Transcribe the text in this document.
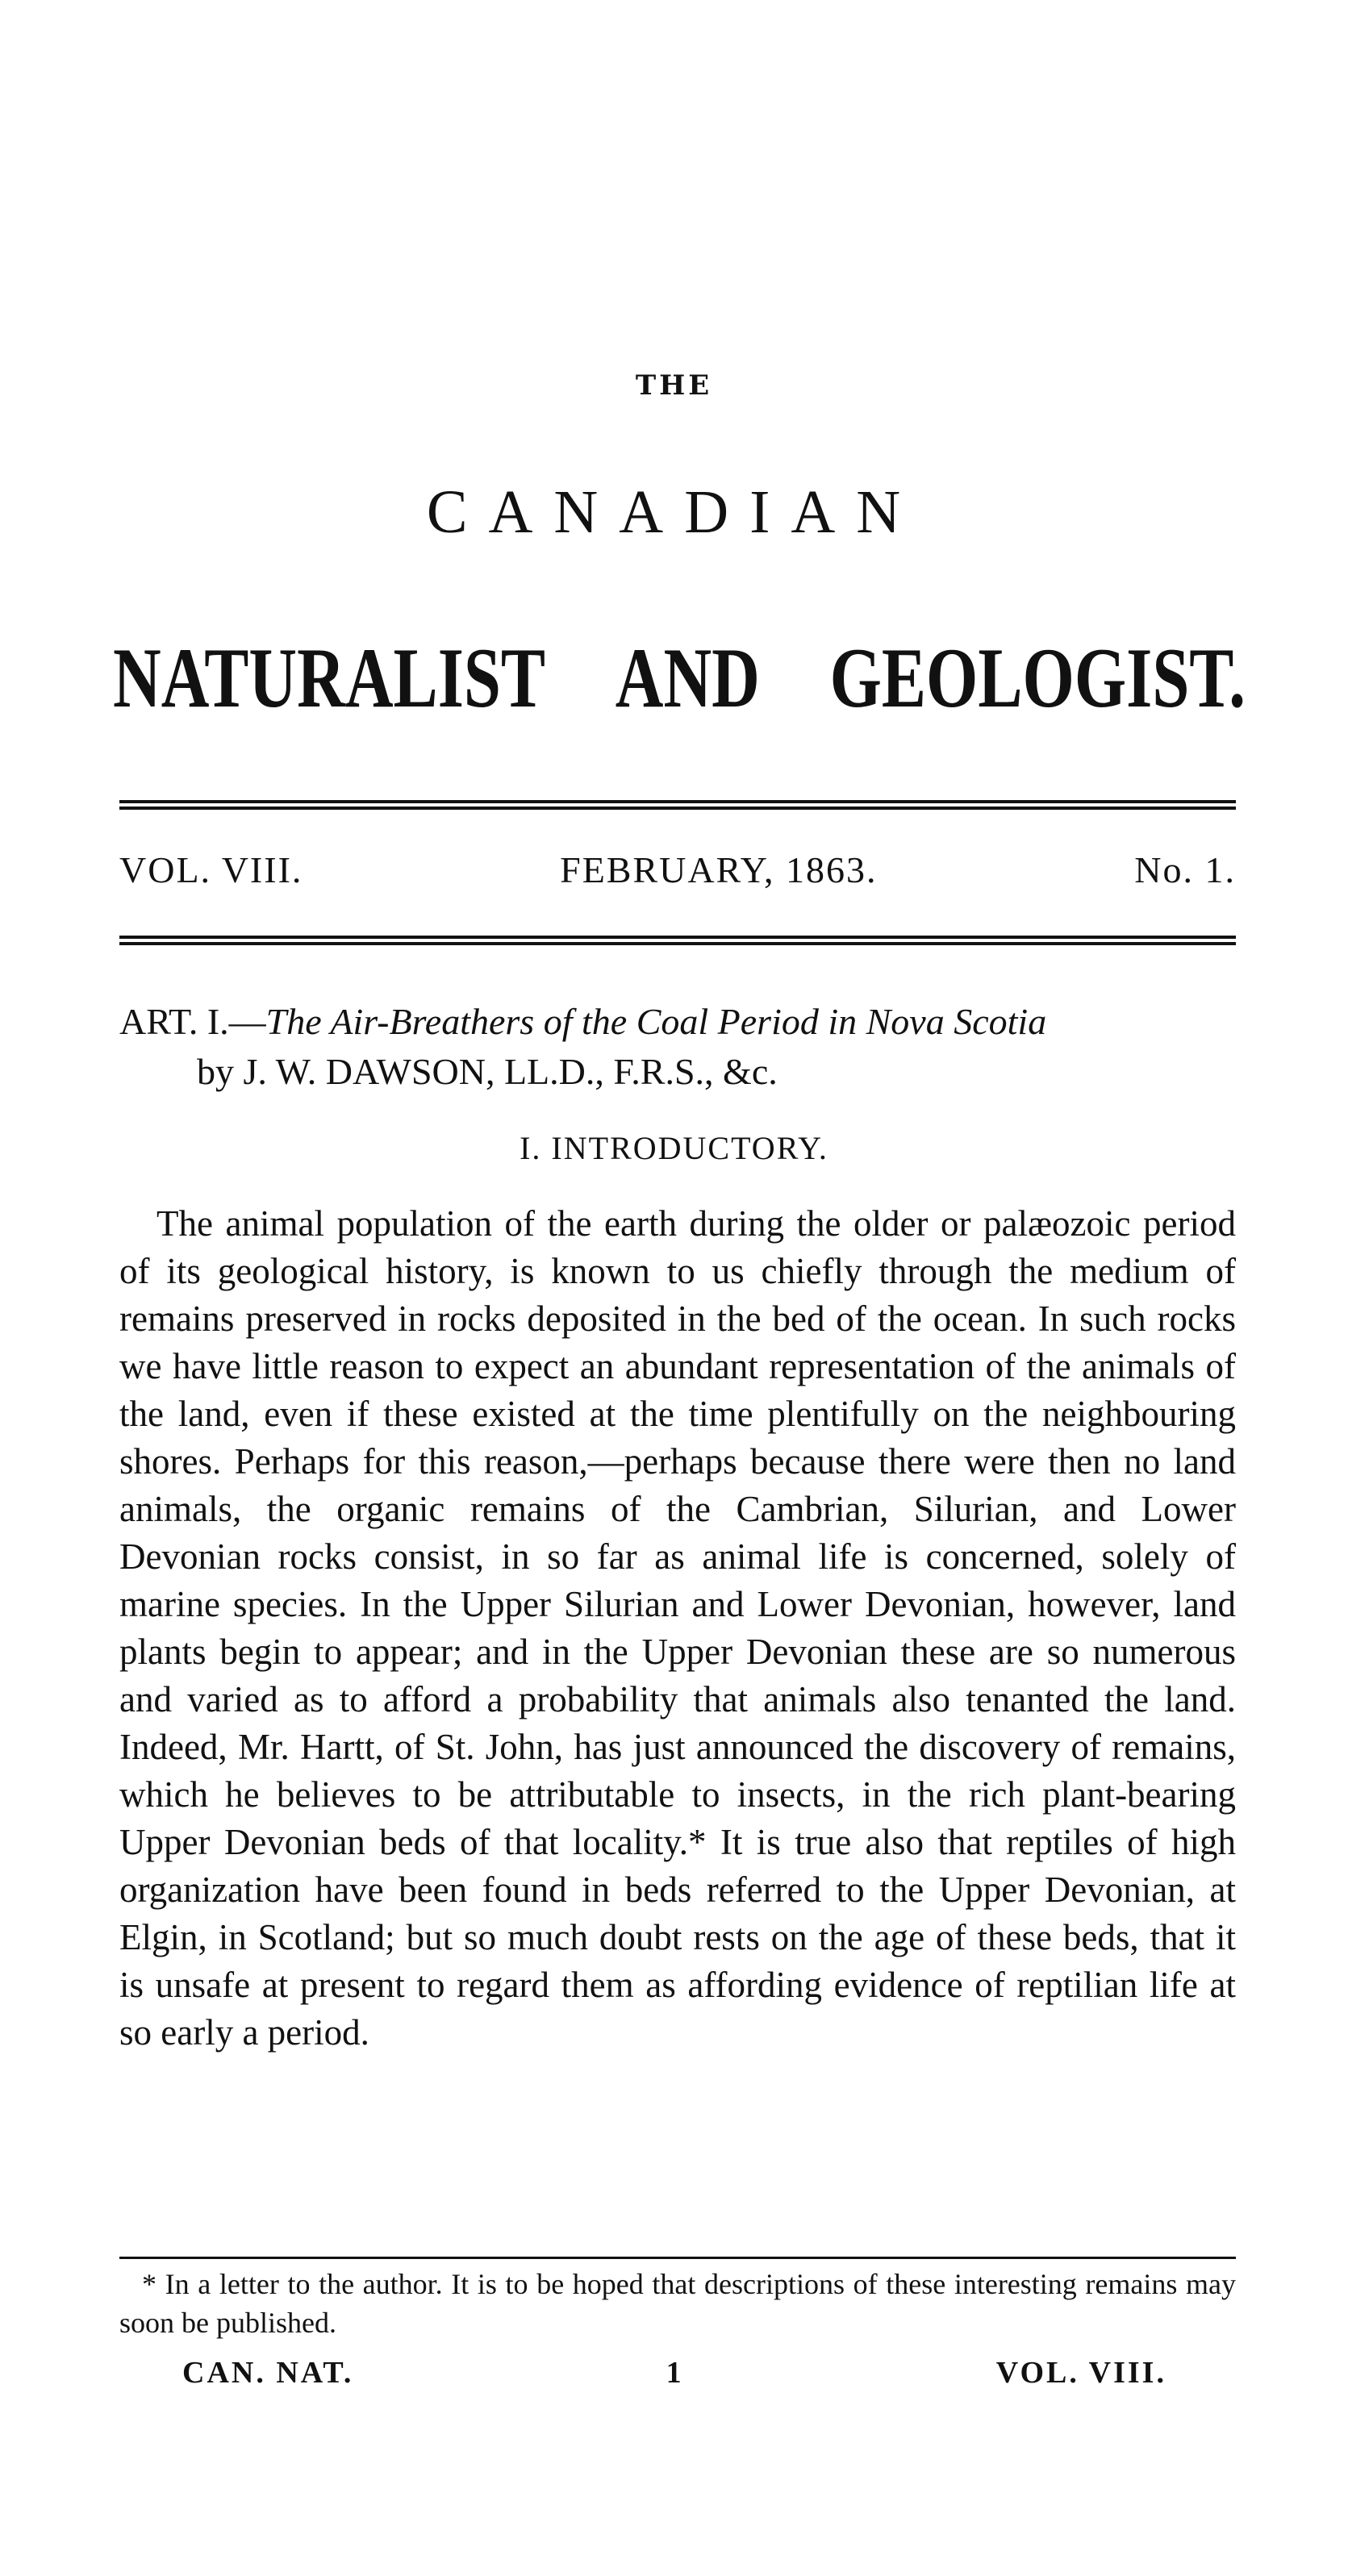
THE
CANADIAN
NATURALIST AND GEOLOGIST.
VOL. VIII.	FEBRUARY, 1863.	No. 1.
ART. I.—The Air-Breathers of the Coal Period in Nova Scotia
by J. W. DAWSON, LL.D., F.R.S., &c.
I. INTRODUCTORY.

The animal population of the earth during the older or palæozoic period of its geological history, is known to us chiefly through the medium of remains preserved in rocks deposited in the bed of the ocean. In such rocks we have little reason to expect an abundant representation of the animals of the land, even if these existed at the time plentifully on the neighbouring shores. Perhaps for this reason,—perhaps because there were then no land animals, the organic remains of the Cambrian, Silurian, and Lower Devonian rocks consist, in so far as animal life is concerned, solely of marine species. In the Upper Silurian and Lower Devonian, however, land plants begin to appear; and in the Upper Devonian these are so numerous and varied as to afford a probability that animals also tenanted the land. Indeed, Mr. Hartt, of St. John, has just announced the discovery of remains, which he believes to be attributable to insects, in the rich plant-bearing Upper Devonian beds of that locality.* It is true also that reptiles of high organization have been found in beds referred to the Upper Devonian, at Elgin, in Scotland; but so much doubt rests on the age of these beds, that it is unsafe at present to regard them as affording evidence of reptilian life at so early a period.

* In a letter to the author. It is to be hoped that descriptions of these interesting remains may soon be published.
CAN. NAT.	1	VOL. VIII.
